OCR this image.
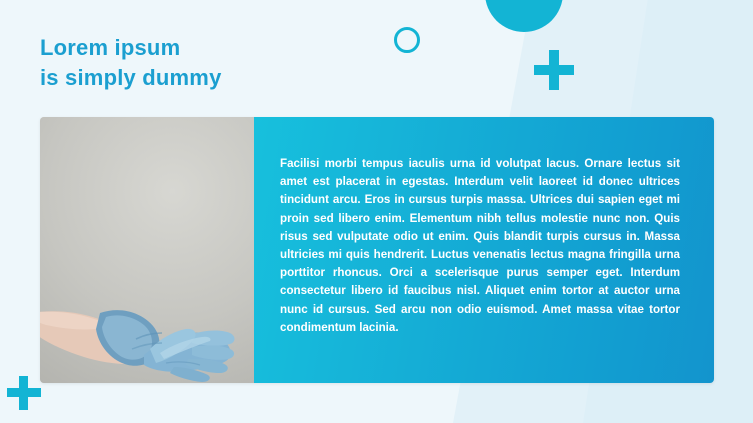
Lorem ipsum
is simply dummy

Facilisi morbi tempus iaculis urna id volutpat lacus. Ornare lectus sit amet est placerat in egestas. Interdum velit laoreet id donec ultrices tincidunt arcu. Eros in cursus turpis massa. Ultrices dui sapien eget mi proin sed libero enim. Elementum nibh tellus molestie nunc non. Quis risus sed vulputate odio ut enim. Quis blandit turpis cursus in. Massa ultricies mi quis hendrerit. Luctus venenatis lectus magna fringilla urna porttitor rhoncus. Orci a scelerisque purus semper eget. Interdum consectetur libero id faucibus nisl. Aliquet enim tortor at auctor urna nunc id cursus. Sed arcu non odio euismod. Amet massa vitae tortor condimentum lacinia.
